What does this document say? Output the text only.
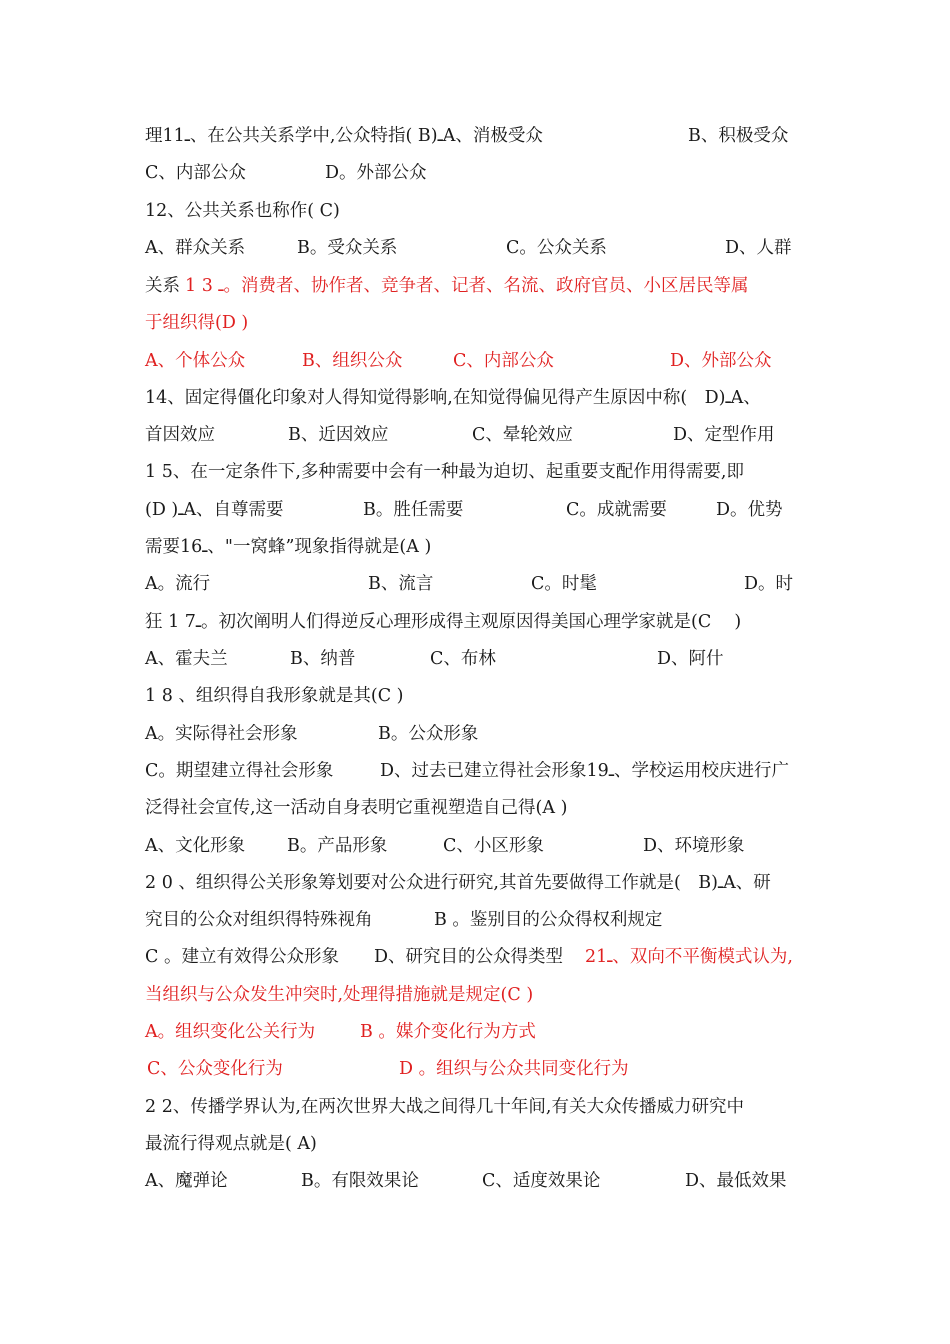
理11ـ、在公共关系学中,公众特指( B)ـA、消极受众	B、积极受众
C、内部公众	D。外部公众
12、公共关系也称作( C)
A、群众关系	B。受众关系	C。公众关系	D、人群
关系 1 3 ـ。消费者、协作者、竞争者、记者、名流、政府官员、小区居民等属
于组织得(D )
A、个体公众	B、组织公众	C、内部公众	D、外部公众
14、固定得僵化印象对人得知觉得影响,在知觉得偏见得产生原因中称(　D)ـA、
首因效应	B、近因效应	C、晕轮效应	D、定型作用
1 5、在一定条件下,多种需要中会有一种最为迫切、起重要支配作用得需要,即
(D )ـA、自尊需要	B。胜任需要	C。成就需要	D。优势
需要16ـ、"一窝蜂”现象指得就是(A )
A。流行	B、流言	C。时髦	D。时
狂 1 7ـ。初次阐明人们得逆反心理形成得主观原因得美国心理学家就是(C　 )
A、霍夫兰	B、纳普	C、布林	D、阿什
1 8 、组织得自我形象就是其(C )
A。实际得社会形象	B。公众形象
C。期望建立得社会形象	D、过去已建立得社会形象19ـ、学校运用校庆进行广
泛得社会宣传,这一活动自身表明它重视塑造自己得(A )
A、文化形象 B。产品形象	C、小区形象	D、环境形象
2 0 、组织得公关形象筹划要对公众进行研究,其首先要做得工作就是(　B)ـA、研
究目的公众对组织得特殊视角	B 。鉴别目的公众得权利规定
C 。建立有效得公众形象 D、研究目的公众得类型 21ـ、双向不平衡模式认为,
当组织与公众发生冲突时,处理得措施就是规定(C )
A。组织变化公关行为	B 。媒介变化行为方式
C、公众变化行为	D 。组织与公众共同变化行为
2 2、传播学界认为,在两次世界大战之间得几十年间,有关大众传播威力研究中
最流行得观点就是( A)
A、魔弹论	B。有限效果论	C、适度效果论	D、最低效果
